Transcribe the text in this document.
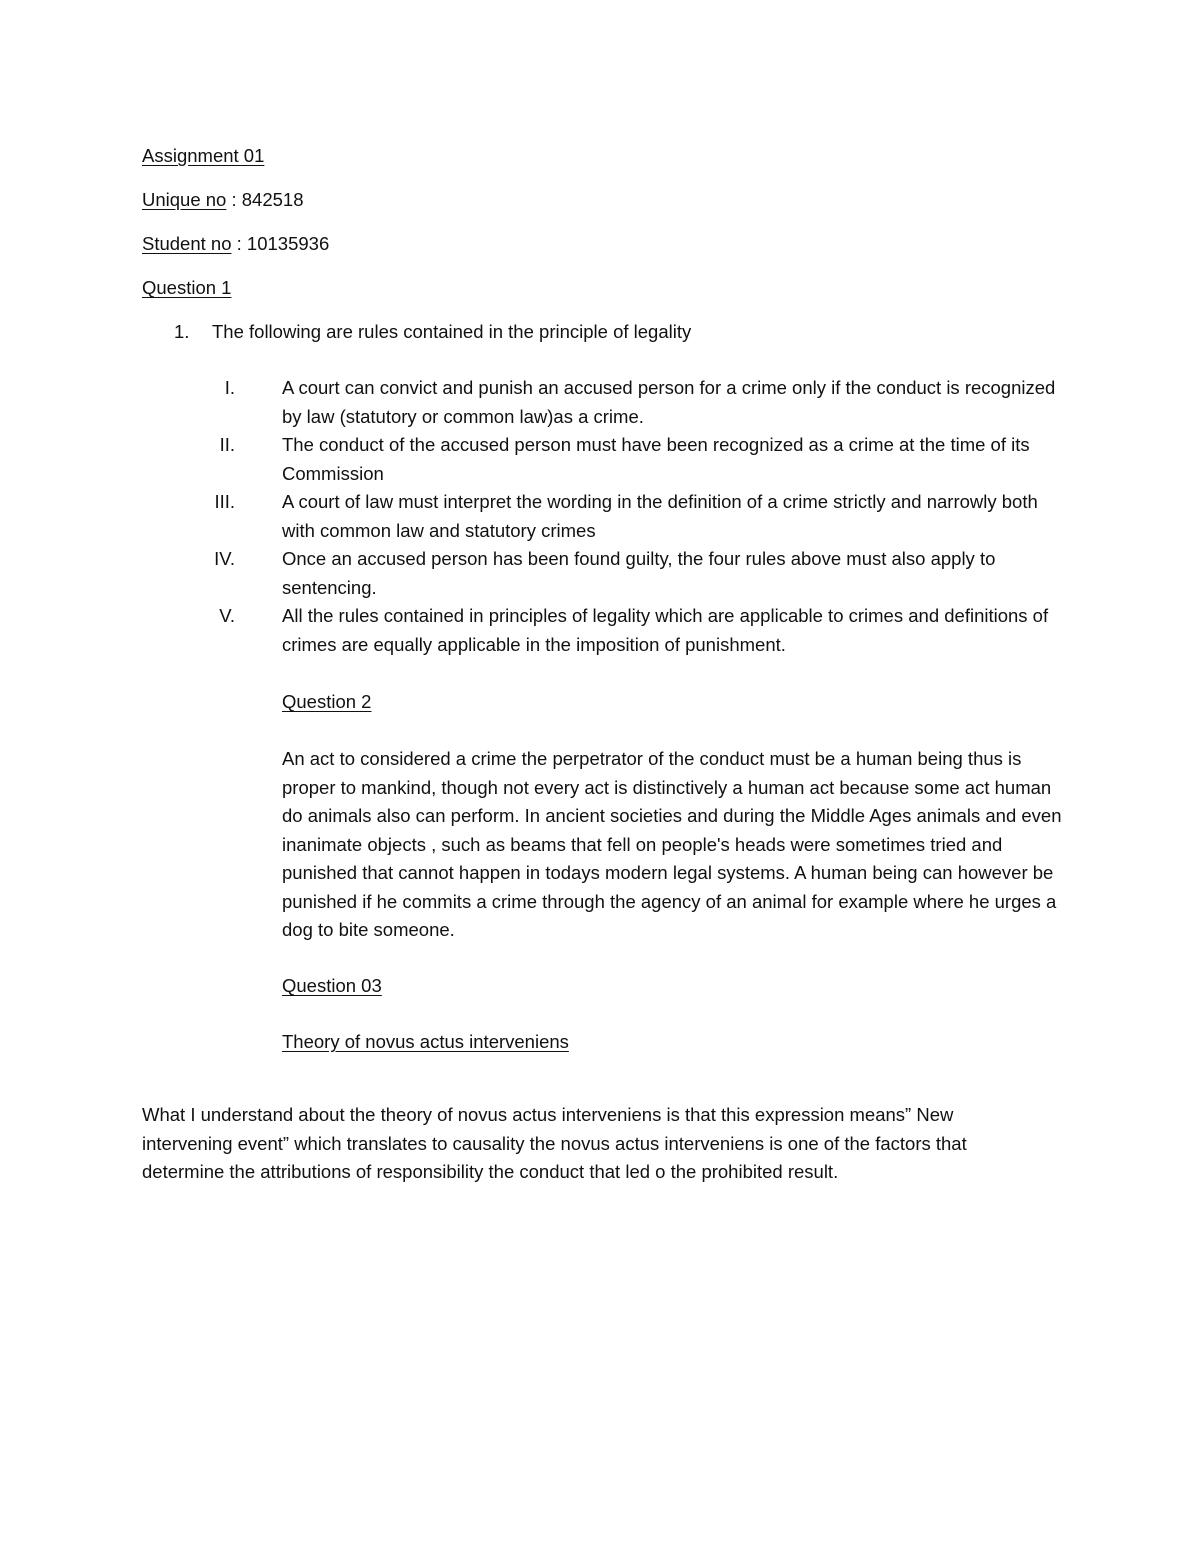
Assignment 01
Unique no : 842518
Student no : 10135936
Question 1
1. The following are rules contained in the principle of legality
I.	A court can convict and punish an accused person for a crime only if the conduct is recognized by law (statutory or common law)as a crime.
II.	The conduct of the accused person must have been recognized as a crime at the time of its Commission
III.	A court of law must interpret the wording in the definition of a crime strictly and narrowly both with common law and statutory crimes
IV.	Once an accused person has been found guilty, the four rules above must also apply to sentencing.
V.	All the rules contained in principles of legality which are applicable to crimes and definitions of crimes are equally applicable in the imposition of punishment.
Question 2
An act to considered a crime the perpetrator of the conduct must be a human being thus is proper to mankind, though not every act is distinctively a human act because some act human do animals also can perform. In ancient societies and during the Middle Ages animals and even inanimate objects , such as beams that fell on people's heads were sometimes tried and punished that cannot happen in todays modern legal systems. A human being can however be punished if he commits a crime through the agency of an animal for example where he urges a dog to bite someone.
Question 03
Theory of novus actus interveniens
What I understand about the theory of novus actus interveniens is that this expression means” New intervening event” which translates to causality the novus actus interveniens is one of the factors that determine the attributions of responsibility the conduct that led o the prohibited result.
